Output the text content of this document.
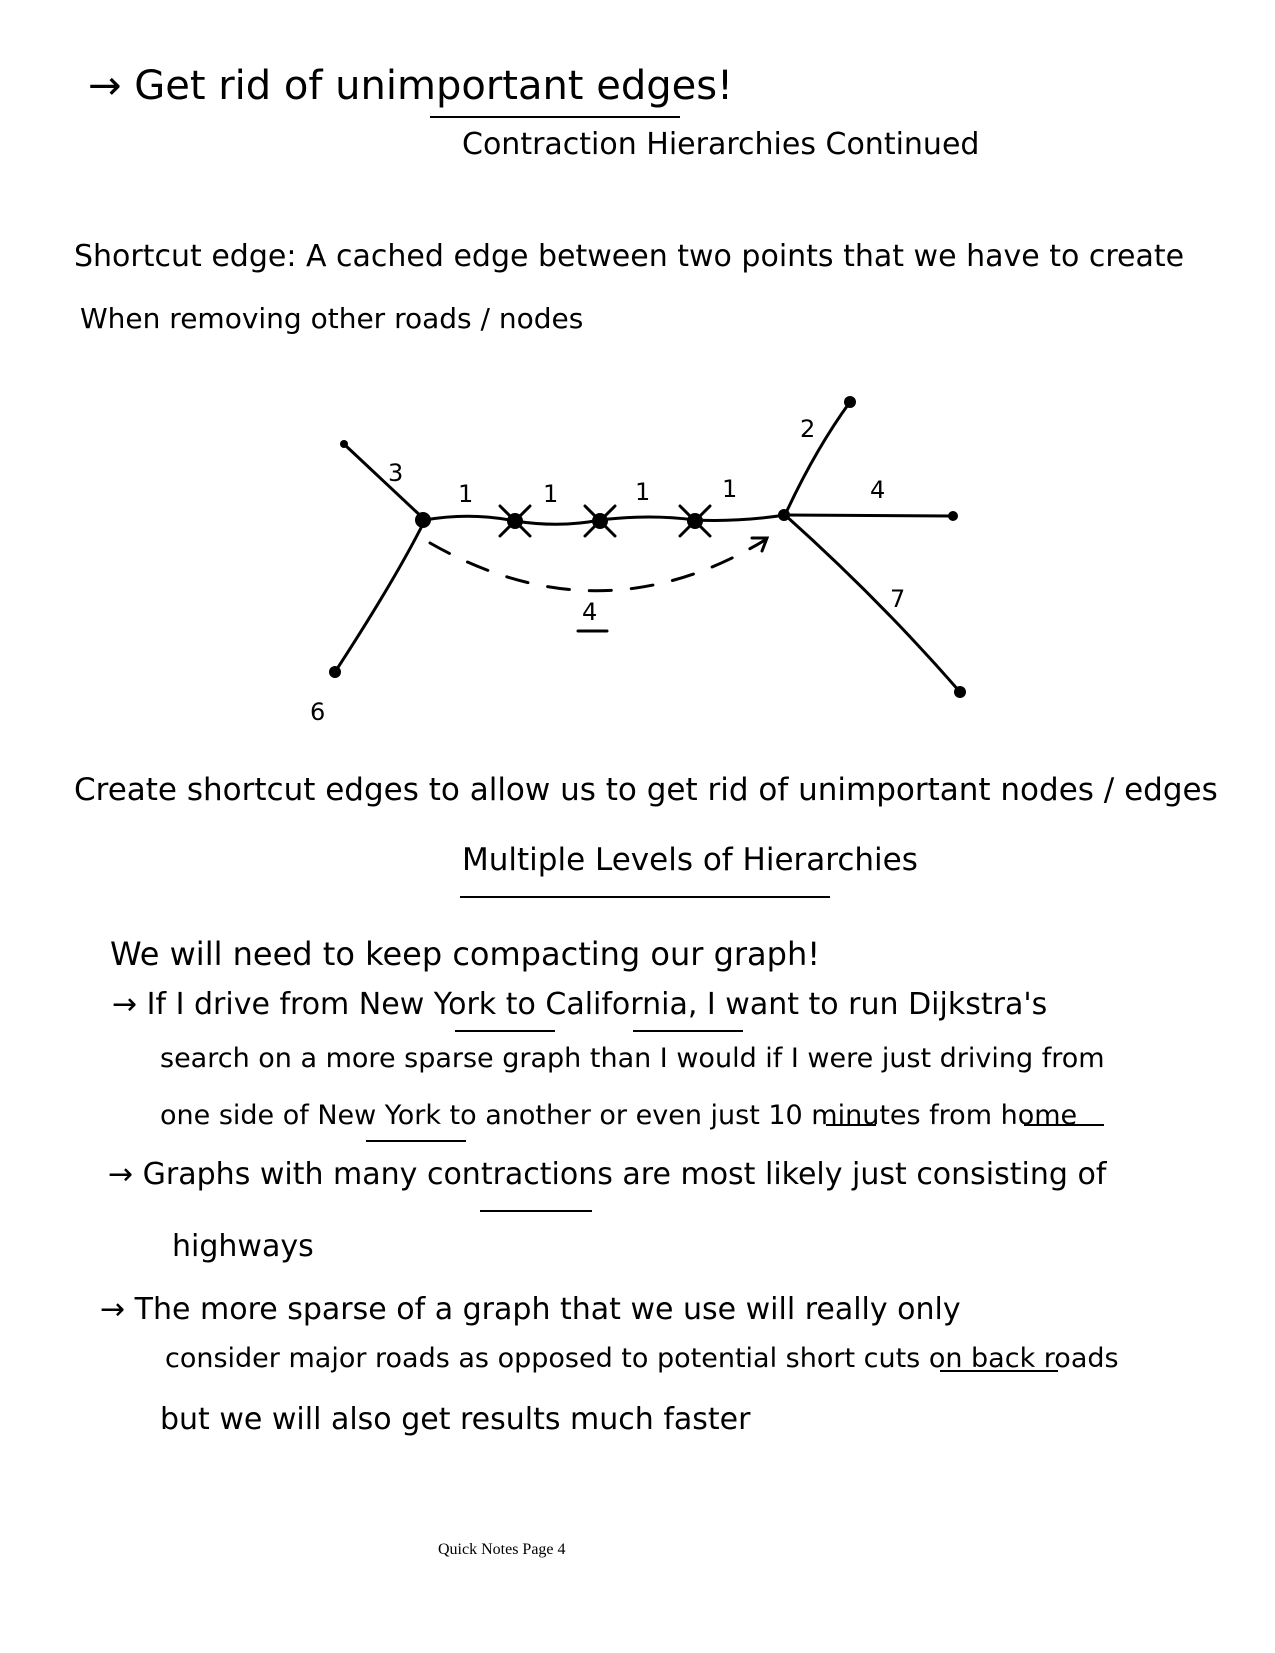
→ Get rid of unimportant edges!
Contraction Hierarchies Continued
Shortcut edge: A cached edge between two points that we have to create
When removing other roads / nodes
3
1	1	1	1
2
4
7
6
4
Create shortcut edges to allow us to get rid of unimportant nodes / edges
Multiple Levels of Hierarchies
We will need to keep compacting our graph!
→ If I drive from New York to California, I want to run Dijkstra's
search on a more sparse graph than I would if I were just driving from
one side of New York to another or even just 10 minutes from home
→ Graphs with many contractions are most likely just consisting of
highways
→ The more sparse of a graph that we use will really only
consider major roads as opposed to potential short cuts on back roads
but we will also get results much faster
Quick Notes Page 4
